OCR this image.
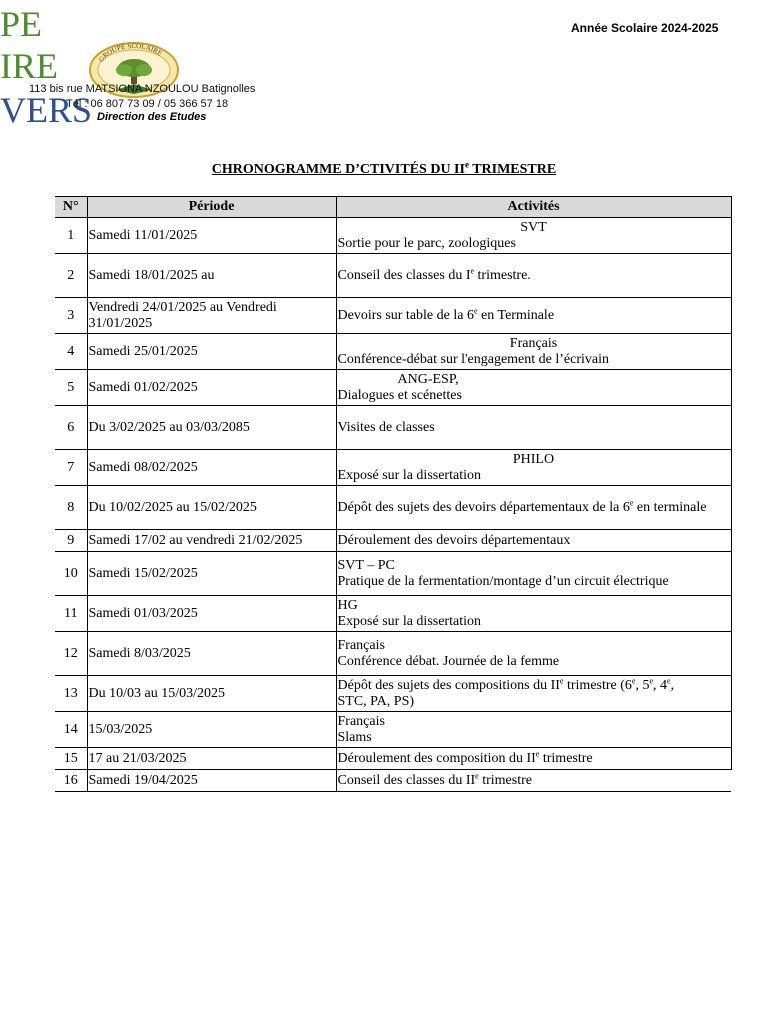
PE
IRE
VERS
GROUPE SCOLAIRE
113 bis rue MATSIONA NZOULOU Batignolles
Tél : 06 807 73 09 / 05 366 57 18
Direction des Etudes
Année Scolaire 2024-2025
CHRONOGRAMME D’CTIVITÉS DU IIe TRIMESTRE
N°	Période	Activités
1	Samedi 11/01/2025	SVT
Sortie pour le parc, zoologiques

2	Samedi 18/01/2025 au	Conseil des classes du Ie trimestre.
3	Vendredi 24/01/2025 au Vendredi 31/01/2025	Devoirs sur table de la 6e en Terminale
4	Samedi 25/01/2025	Français
Conférence-débat sur l'engagement de l’écrivain

5	Samedi 01/02/2025	ANG-ESP,
Dialogues et scénettes

6	Du 3/02/2025 au 03/03/2085	Visites de classes
7	Samedi 08/02/2025	PHILO
Exposé sur la dissertation

8	Du 10/02/2025 au 15/02/2025	Dépôt des sujets des devoirs départementaux de la 6e en terminale
9	Samedi 17/02 au vendredi 21/02/2025	Déroulement des devoirs départementaux
10	Samedi 15/02/2025	SVT – PC
Pratique de la fermentation/montage d’un circuit électrique

11	Samedi 01/03/2025	HG
Exposé sur la dissertation

12	Samedi 8/03/2025	Français
Conférence débat. Journée de la femme

13	Du 10/03 au 15/03/2025	Dépôt des sujets des compositions du IIe trimestre (6e, 5e, 4e,
STC, PA, PS)

14	15/03/2025	Français
Slams

15	17 au 21/03/2025	Déroulement des composition du IIe trimestre
16	Samedi 19/04/2025	Conseil des classes du IIe trimestre
